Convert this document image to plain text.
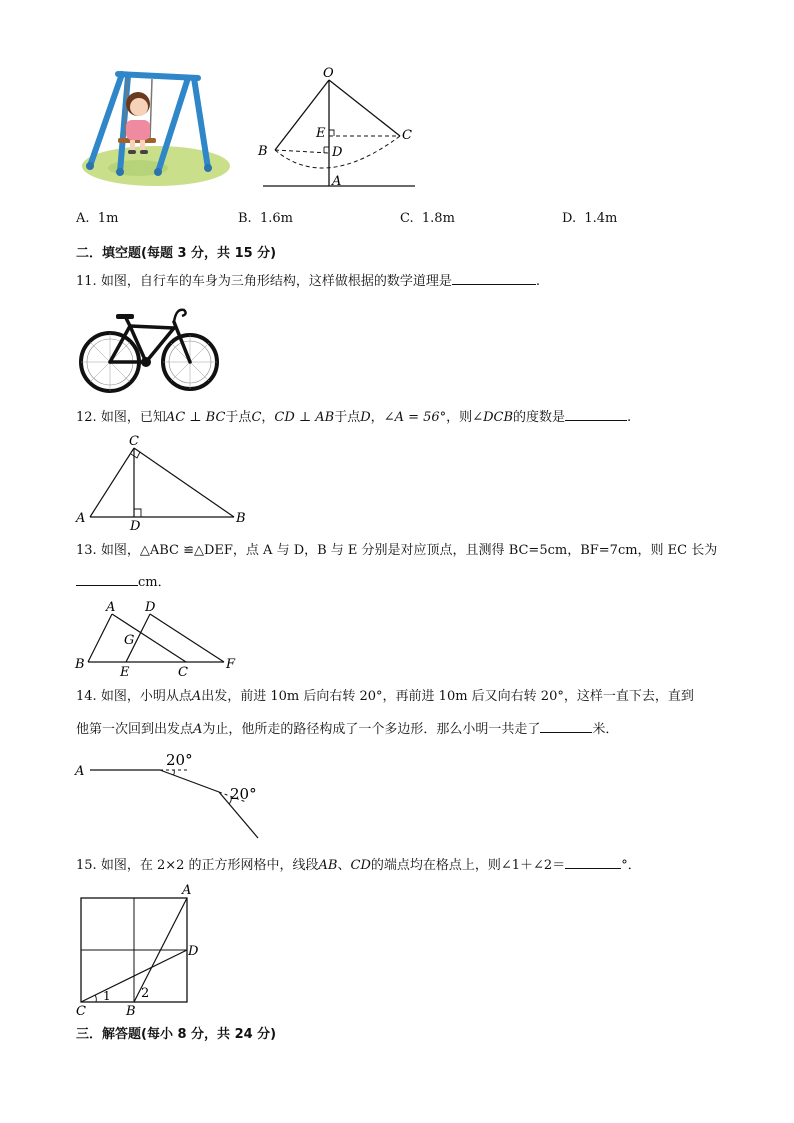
O
E	C
B	D
A
A. 1m	B. 1.6m	C. 1.8m	D. 1.4m
二．填空题(每题 3 分，共 15 分)
11. 如图，自行车的车身为三角形结构，这样做根据的数学道理是	.
12. 如图，已知AC ⊥ BC于点C，CD ⊥ AB于点D，∠A = 56°，则∠DCB的度数是	.
C
A
D
B
13. 如图，△ABC ≌△DEF，点 A 与 D，B 与 E 分别是对应顶点，且测得 BC=5cm，BF=7cm，则 EC 长为
cm．
A D
G
B
E	C
F
14. 如图，小明从点A出发，前进 10m 后向右转 20°，再前进 10m 后又向右转 20°，这样一直下去，直到
他第一次回到出发点A为止，他所走的路径构成了一个多边形．那么小明一共走了	米．
A
20°
20°
15. 如图，在 2×2 的正方形网格中，线段AB、CD的端点均在格点上，则∠1＋∠2＝	°．
A
D
C	B
1 2
三．解答题(每小 8 分，共 24 分)
